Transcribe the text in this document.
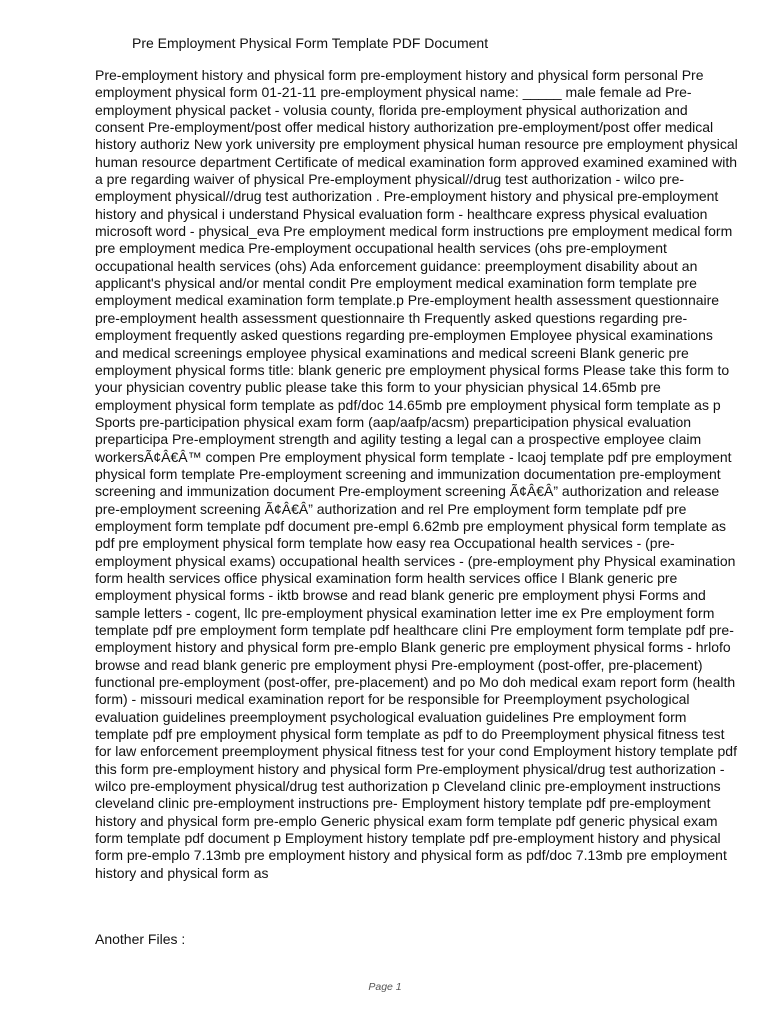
Pre Employment Physical Form Template PDF Document
Pre-employment history and physical form pre-employment history and physical form personal Pre employment physical form 01-21-11 pre-employment physical name: _____ male female ad Pre-employment physical packet - volusia county, florida pre-employment physical authorization and consent Pre-employment/post offer medical history authorization pre-employment/post offer medical history authoriz New york university pre employment physical human resource pre employment physical human resource department Certificate of medical examination form approved examined examined with a pre regarding waiver of physical Pre-employment physical//drug test authorization - wilco pre-employment physical//drug test authorization . Pre-employment history and physical pre-employment history and physical i understand Physical evaluation form - healthcare express physical evaluation microsoft word - physical_eva Pre employment medical form instructions pre employment medical form pre employment medica Pre-employment occupational health services (ohs pre-employment occupational health services (ohs) Ada enforcement guidance: preemployment disability about an applicant's physical and/or mental condit Pre employment medical examination form template pre employment medical examination form template.p Pre-employment health assessment questionnaire pre-employment health assessment questionnaire th Frequently asked questions regarding pre-employment frequently asked questions regarding pre-employmen Employee physical examinations and medical screenings employee physical examinations and medical screeni Blank generic pre employment physical forms title: blank generic pre employment physical forms Please take this form to your physician coventry public please take this form to your physician physical 14.65mb pre employment physical form template as pdf/doc 14.65mb pre employment physical form template as p Sports pre-participation physical exam form (aap/aafp/acsm) preparticipation physical evaluation preparticipa Pre-employment strength and agility testing a legal can a prospective employee claim workersÃ¢Â€Â™ compen Pre employment physical form template - lcaoj template pdf pre employment physical form template Pre-employment screening and immunization documentation pre-employment screening and immunization document Pre-employment screening Ã¢Â€Â” authorization and release pre-employment screening Ã¢Â€Â” authorization and rel Pre employment form template pdf pre employment form template pdf document pre-empl 6.62mb pre employment physical form template as pdf pre employment physical form template how easy rea Occupational health services - (pre-employment physical exams) occupational health services - (pre-employment phy Physical examination form health services office physical examination form health services office l Blank generic pre employment physical forms - iktb browse and read blank generic pre employment physi Forms and sample letters - cogent, llc pre-employment physical examination letter ime ex Pre employment form template pdf pre employment form template pdf healthcare clini Pre employment form template pdf pre-employment history and physical form pre-emplo Blank generic pre employment physical forms - hrlofo browse and read blank generic pre employment physi Pre-employment (post-offer, pre-placement) functional pre-employment (post-offer, pre-placement) and po Mo doh medical exam report form (health form) - missouri medical examination report for be responsible for Preemployment psychological evaluation guidelines preemployment psychological evaluation guidelines Pre employment form template pdf pre employment physical form template as pdf to do Preemployment physical fitness test for law enforcement preemployment physical fitness test for your cond Employment history template pdf this form pre-employment history and physical form Pre-employment physical/drug test authorization - wilco pre-employment physical/drug test authorization p Cleveland clinic pre-employment instructions cleveland clinic pre-employment instructions pre- Employment history template pdf pre-employment history and physical form pre-emplo Generic physical exam form template pdf generic physical exam form template pdf document p Employment history template pdf pre-employment history and physical form pre-emplo 7.13mb pre employment history and physical form as pdf/doc 7.13mb pre employment history and physical form as
Another Files :
Page 1
